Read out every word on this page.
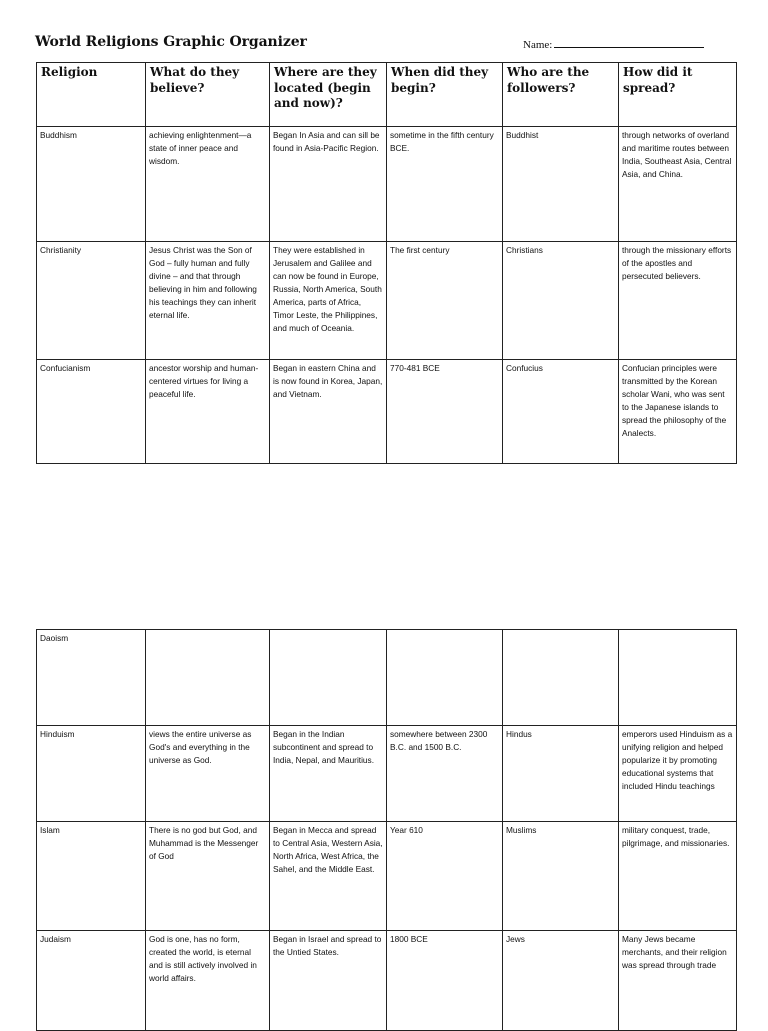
World Religions Graphic Organizer	Name:
Religion	What do they believe?	Where are they located (begin and now)?	When did they begin?	Who are the followers?	How did it spread?
Buddhism	achieving enlightenment—a state of inner peace and wisdom.	Began In Asia and can sill be found in Asia-Pacific Region.	sometime in the fifth century BCE.	Buddhist	through networks of overland and maritime routes between India, Southeast Asia, Central Asia, and China.
Christianity	Jesus Christ was the Son of God – fully human and fully divine – and that through believing in him and following his teachings they can inherit eternal life.	They were established in Jerusalem and Galilee and can now be found in Europe, Russia, North America, South America, parts of Africa, Timor Leste, the Philippines, and much of Oceania.	The first century	Christians	through the missionary efforts of the apostles and persecuted believers.
Confucianism	ancestor worship and human-centered virtues for living a peaceful life.	Began in eastern China and is now found in Korea, Japan, and Vietnam.	770-481 BCE	Confucius	Confucian principles were transmitted by the Korean scholar Wani, who was sent to the Japanese islands to spread the philosophy of the Analects.
Daoism					
Hinduism	views the entire universe as God's and everything in the universe as God.	Began in the Indian subcontinent and spread to India, Nepal, and Mauritius.	somewhere between 2300 B.C. and 1500 B.C.	Hindus	emperors used Hinduism as a unifying religion and helped popularize it by promoting educational systems that included Hindu teachings
Islam	There is no god but God, and Muhammad is the Messenger of God	Began in Mecca and spread to Central Asia, Western Asia, North Africa, West Africa, the Sahel, and the Middle East.	Year 610	Muslims	military conquest, trade, pilgrimage, and missionaries.
Judaism	God is one, has no form, created the world, is eternal and is still actively involved in world affairs.	Began in Israel and spread to the Untied States.	1800 BCE	Jews	Many Jews became merchants, and their religion was spread through trade
